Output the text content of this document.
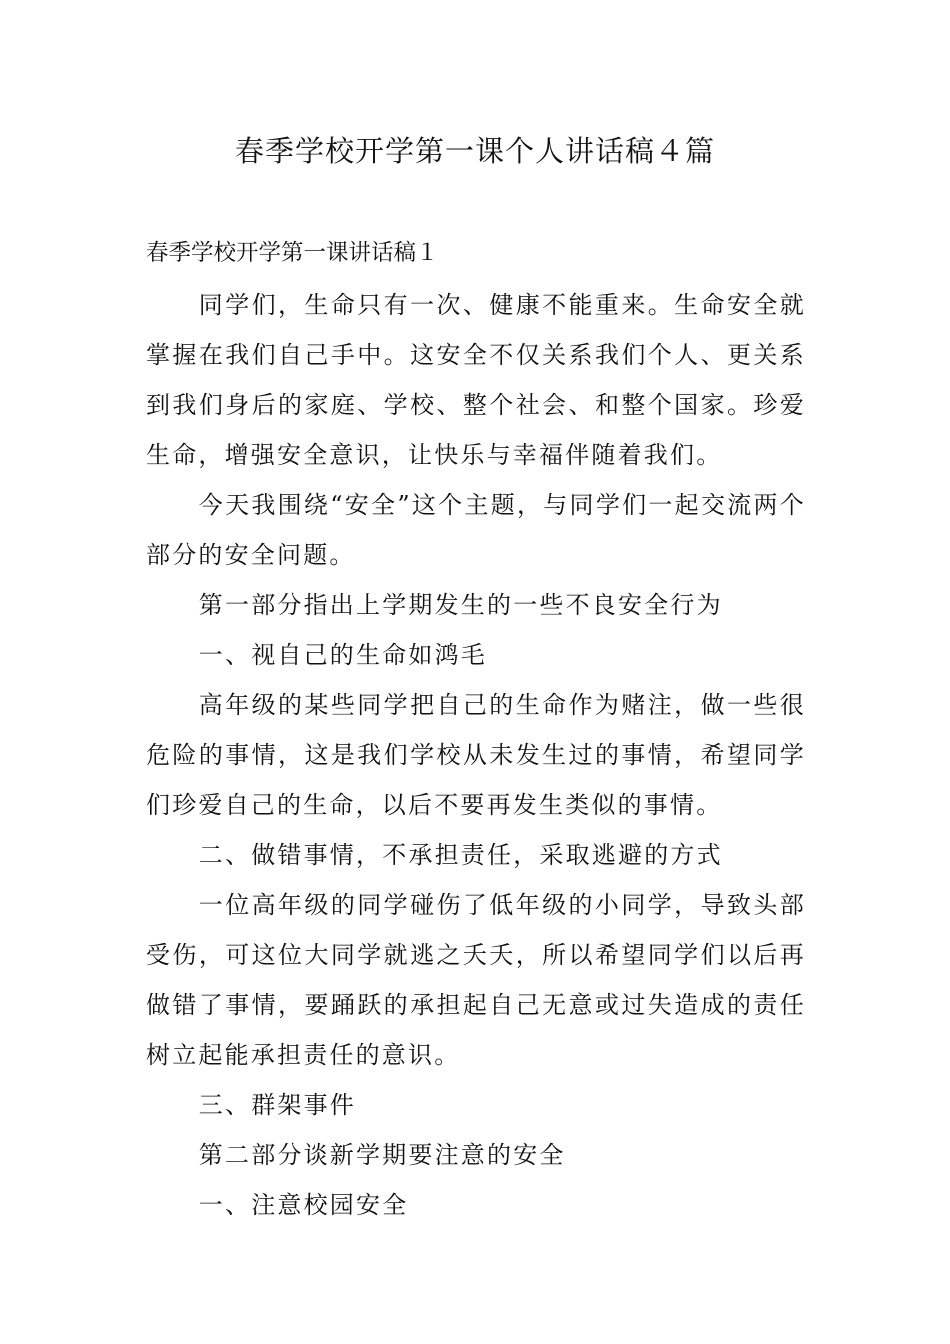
春季学校开学第一课个人讲话稿４篇
春季学校开学第一课讲话稿１

同学们，生命只有一次、健康不能重来。生命安全就掌握在我们自己手中。这安全不仅关系我们个人、更关系到我们身后的家庭、学校、整个社会、和整个国家。珍爱生命，增强安全意识，让快乐与幸福伴随着我们。

今天我围绕“安全”这个主题，与同学们一起交流两个部分的安全问题。

第一部分指出上学期发生的一些不良安全行为

一、视自己的生命如鸿毛

高年级的某些同学把自己的生命作为赌注，做一些很危险的事情，这是我们学校从未发生过的事情，希望同学们珍爱自己的生命，以后不要再发生类似的事情。

二、做错事情，不承担责任，采取逃避的方式

一位高年级的同学碰伤了低年级的小同学，导致头部受伤，可这位大同学就逃之夭夭，所以希望同学们以后再做错了事情，要踊跃的承担起自己无意或过失造成的责任树立起能承担责任的意识。

三、群架事件

第二部分谈新学期要注意的安全

一、注意校园安全
